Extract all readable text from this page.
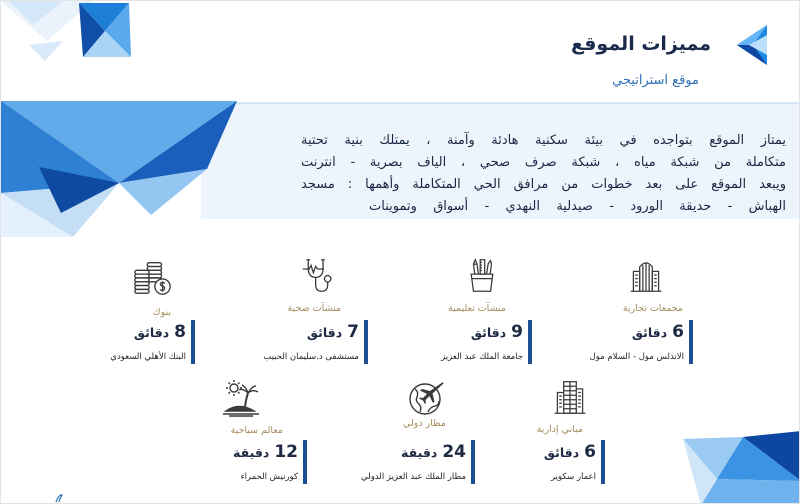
مميزات الموقع
موقع استراتيجي
يمتاز الموقع بتواجده في بيئة سكنية هادئة وآمنة ، يمتلك بنية تحتية
متكاملة من شبكة مياه ، شبكة صرف صحي ، الياف بصرية - انترنت
ويبعد الموقع على بعد خطوات من مرافق الحي المتكاملة وأهمها : مسجد
الهباش - حديقة الورود - صيدلية النهدي - أسواق وتموينات
مجمعات تجارية
6دقائق
الاندلس مول - السلام مول
منشآت تعليمية
9دقائق
جامعة الملك عبد العزيز
منشآت صحية
7دقائق
مستشفى د.سليمان الحبيب
بنوك
8دقائق
البنك الأهلي السعودي
مباني إدارية
6دقائق
اعمار سكوير
مطار دولي
24دقيقة
مطار الملك عبد العزيز الدولي
معالم سياحية
12دقيقة
كورنيش الحمراء
